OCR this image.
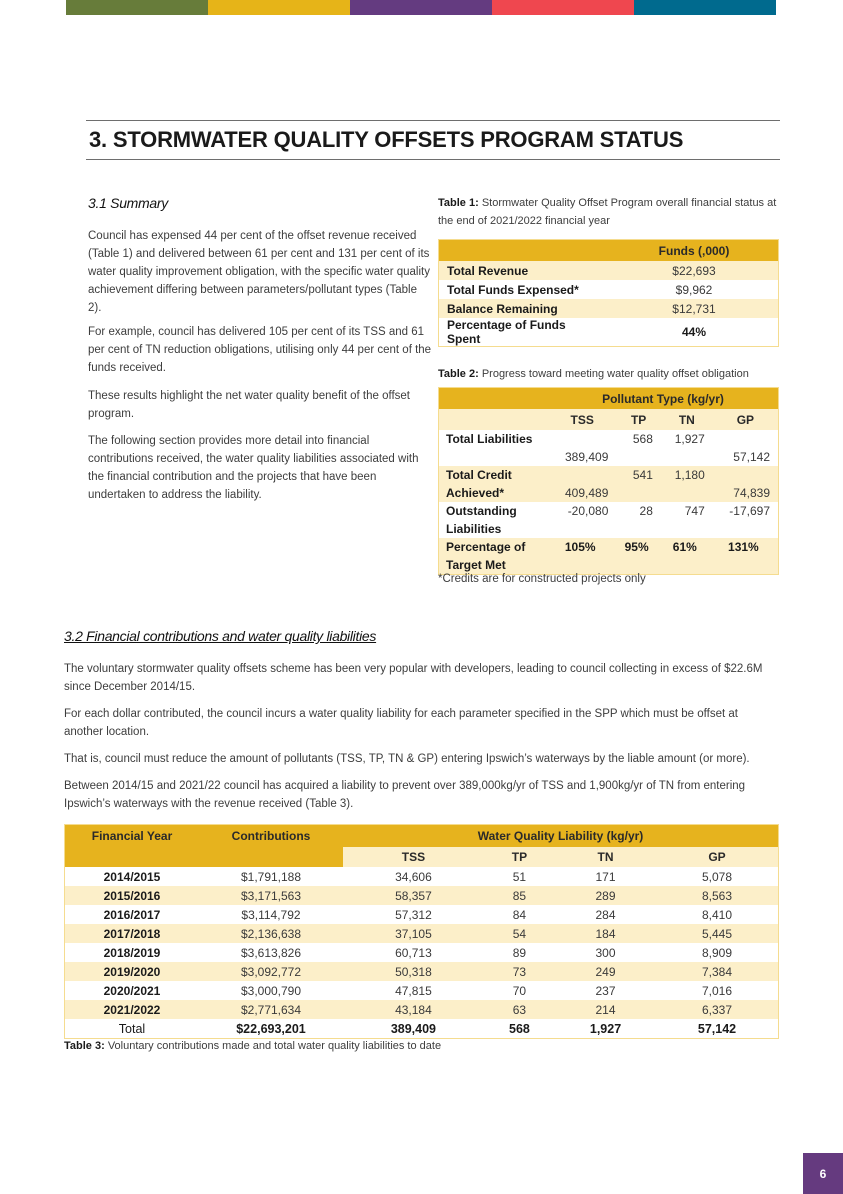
3. STORMWATER QUALITY OFFSETS PROGRAM STATUS
3.1 Summary

Council has expensed 44 per cent of the offset revenue received (Table 1) and delivered between 61 per cent and 131 per cent of its water quality improvement obligation, with the specific water quality achievement differing between parameters/pollutant types (Table 2).

For example, council has delivered 105 per cent of its TSS and 61 per cent of TN reduction obligations, utilising only 44 per cent of the funds received.

These results highlight the net water quality benefit of the offset program.

The following section provides more detail into financial contributions received, the water quality liabilities associated with the financial contribution and the projects that have been undertaken to address the liability.

Table 1: Stormwater Quality Offset Program overall financial status at the end of 2021/2022 financial year

	Funds (,000)
Total Revenue	$22,693
Total Funds Expensed*	$9,962
Balance Remaining	$12,731
Percentage of Funds Spent	44%

Table 2: Progress toward meeting water quality offset obligation

	Pollutant Type (kg/yr)			
	TSS	TP	TN	GP
Total Liabilities	389,409	568	1,927	57,142

Total Credit Achieved*	409,489	541	1,180	74,839

Outstanding Liabilities	-20,080	28	747	-17,697
Percentage of Target Met	105%	95%	61%	131%

*Credits are for constructed projects only

3.2 Financial contributions and water quality liabilities

The voluntary stormwater quality offsets scheme has been very popular with developers, leading to council collecting in excess of $22.6M since December 2014/15.

For each dollar contributed, the council incurs a water quality liability for each parameter specified in the SPP which must be offset at another location.

That is, council must reduce the amount of pollutants (TSS, TP, TN & GP) entering Ipswich’s waterways by the liable amount (or more).

Between 2014/15 and 2021/22 council has acquired a liability to prevent over 389,000kg/yr of TSS and 1,900kg/yr of TN from entering Ipswich’s waterways with the revenue received (Table 3).

Financial Year	Contributions	Water Quality Liability (kg/yr)			
		TSS	TP	TN	GP
2014/2015	$1,791,188	34,606	51	171	5,078
2015/2016	$3,171,563	58,357	85	289	8,563
2016/2017	$3,114,792	57,312	84	284	8,410
2017/2018	$2,136,638	37,105	54	184	5,445
2018/2019	$3,613,826	60,713	89	300	8,909
2019/2020	$3,092,772	50,318	73	249	7,384
2020/2021	$3,000,790	47,815	70	237	7,016
2021/2022	$2,771,634	43,184	63	214	6,337
Total	$22,693,201	389,409	568	1,927	57,142

Table 3: Voluntary contributions made and total water quality liabilities to date

6
